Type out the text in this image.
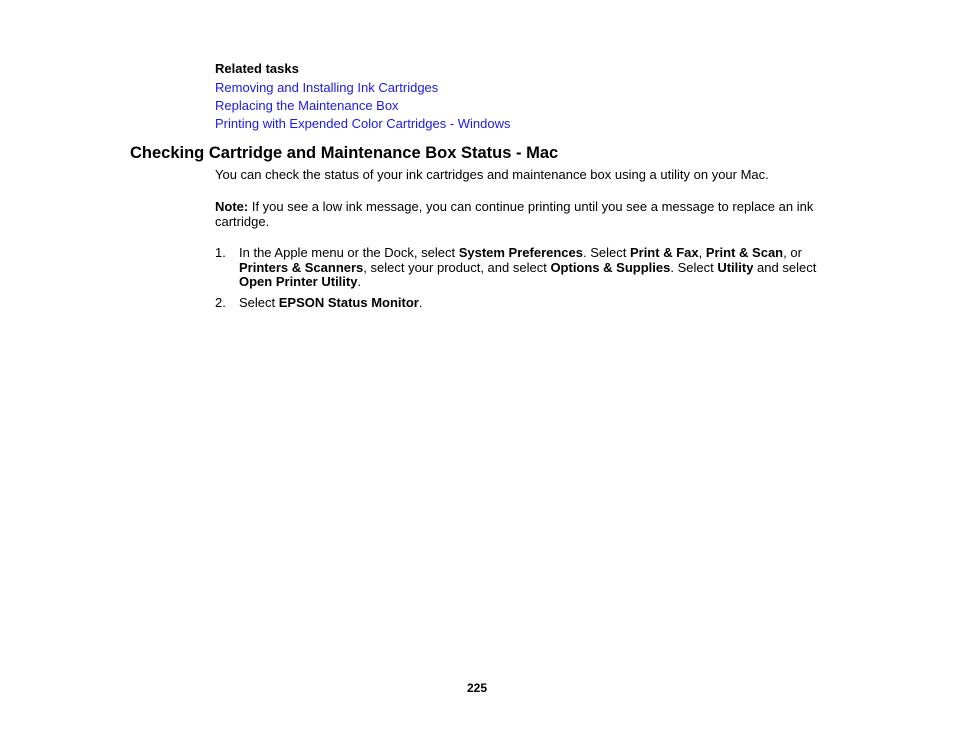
Related tasks
Removing and Installing Ink Cartridges
Replacing the Maintenance Box
Printing with Expended Color Cartridges - Windows
Checking Cartridge and Maintenance Box Status - Mac

You can check the status of your ink cartridges and maintenance box using a utility on your Mac.

Note: If you see a low ink message, you can continue printing until you see a message to replace an ink cartridge.

1. In the Apple menu or the Dock, select System Preferences. Select Print & Fax, Print & Scan, or Printers & Scanners, select your product, and select Options & Supplies. Select Utility and select Open Printer Utility.
2. Select EPSON Status Monitor.
225
